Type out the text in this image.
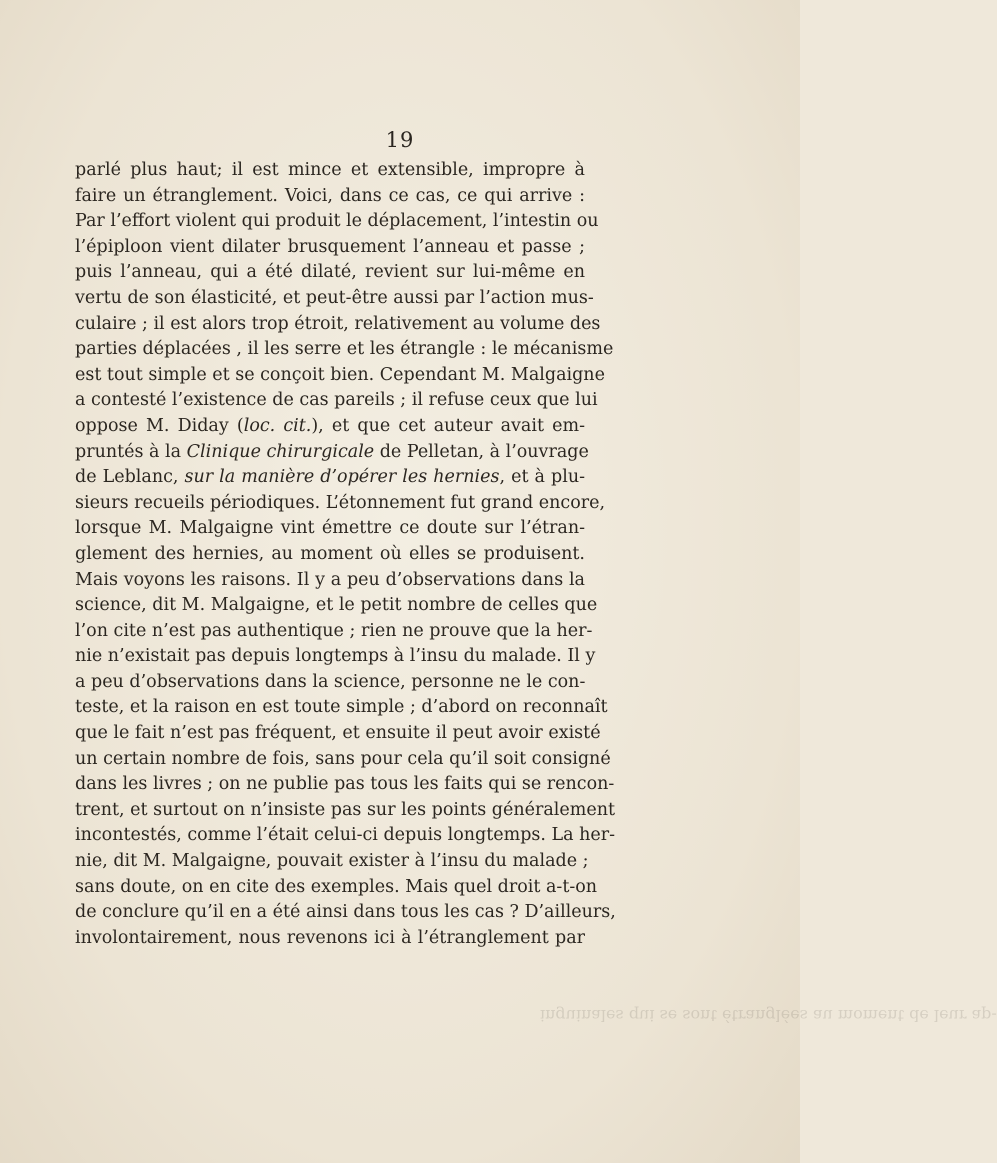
19
parlé plus haut; il est mince et extensible, impropre à
faire un étranglement. Voici, dans ce cas, ce qui arrive :
Par l’effort violent qui produit le déplacement, l’intestin ou
l’épiploon vient dilater brusquement l’anneau et passe ;
puis l’anneau, qui a été dilaté, revient sur lui-même en
vertu de son élasticité, et peut-être aussi par l’action mus-
culaire ; il est alors trop étroit, relativement au volume des
parties déplacées , il les serre et les étrangle : le mécanisme
est tout simple et se conçoit bien. Cependant M. Malgaigne
a contesté l’existence de cas pareils ; il refuse ceux que lui
oppose M. Diday (loc. cit.), et que cet auteur avait em-
pruntés à la Clinique chirurgicale de Pelletan, à l’ouvrage
de Leblanc, sur la manière d’opérer les hernies, et à plu-
sieurs recueils périodiques. L’étonnement fut grand encore,
lorsque M. Malgaigne vint émettre ce doute sur l’étran-
glement des hernies, au moment où elles se produisent.
Mais voyons les raisons. Il y a peu d’observations dans la
science, dit M. Malgaigne, et le petit nombre de celles que
l’on cite n’est pas authentique ; rien ne prouve que la her-
nie n’existait pas depuis longtemps à l’insu du malade. Il y
a peu d’observations dans la science, personne ne le con-
teste, et la raison en est toute simple ; d’abord on reconnaît
que le fait n’est pas fréquent, et ensuite il peut avoir existé
un certain nombre de fois, sans pour cela qu’il soit consigné
dans les livres ; on ne publie pas tous les faits qui se rencon-
trent, et surtout on n’insiste pas sur les points généralement
incontestés, comme l’était celui-ci depuis longtemps. La her-
nie, dit M. Malgaigne, pouvait exister à l’insu du malade ;
sans doute, on en cite des exemples. Mais quel droit a-t-on
de conclure qu’il en a été ainsi dans tous les cas ? D’ailleurs,
involontairement, nous revenons ici à l’étranglement par
inguinales qui se sont étranglées au moment de leur ap-
